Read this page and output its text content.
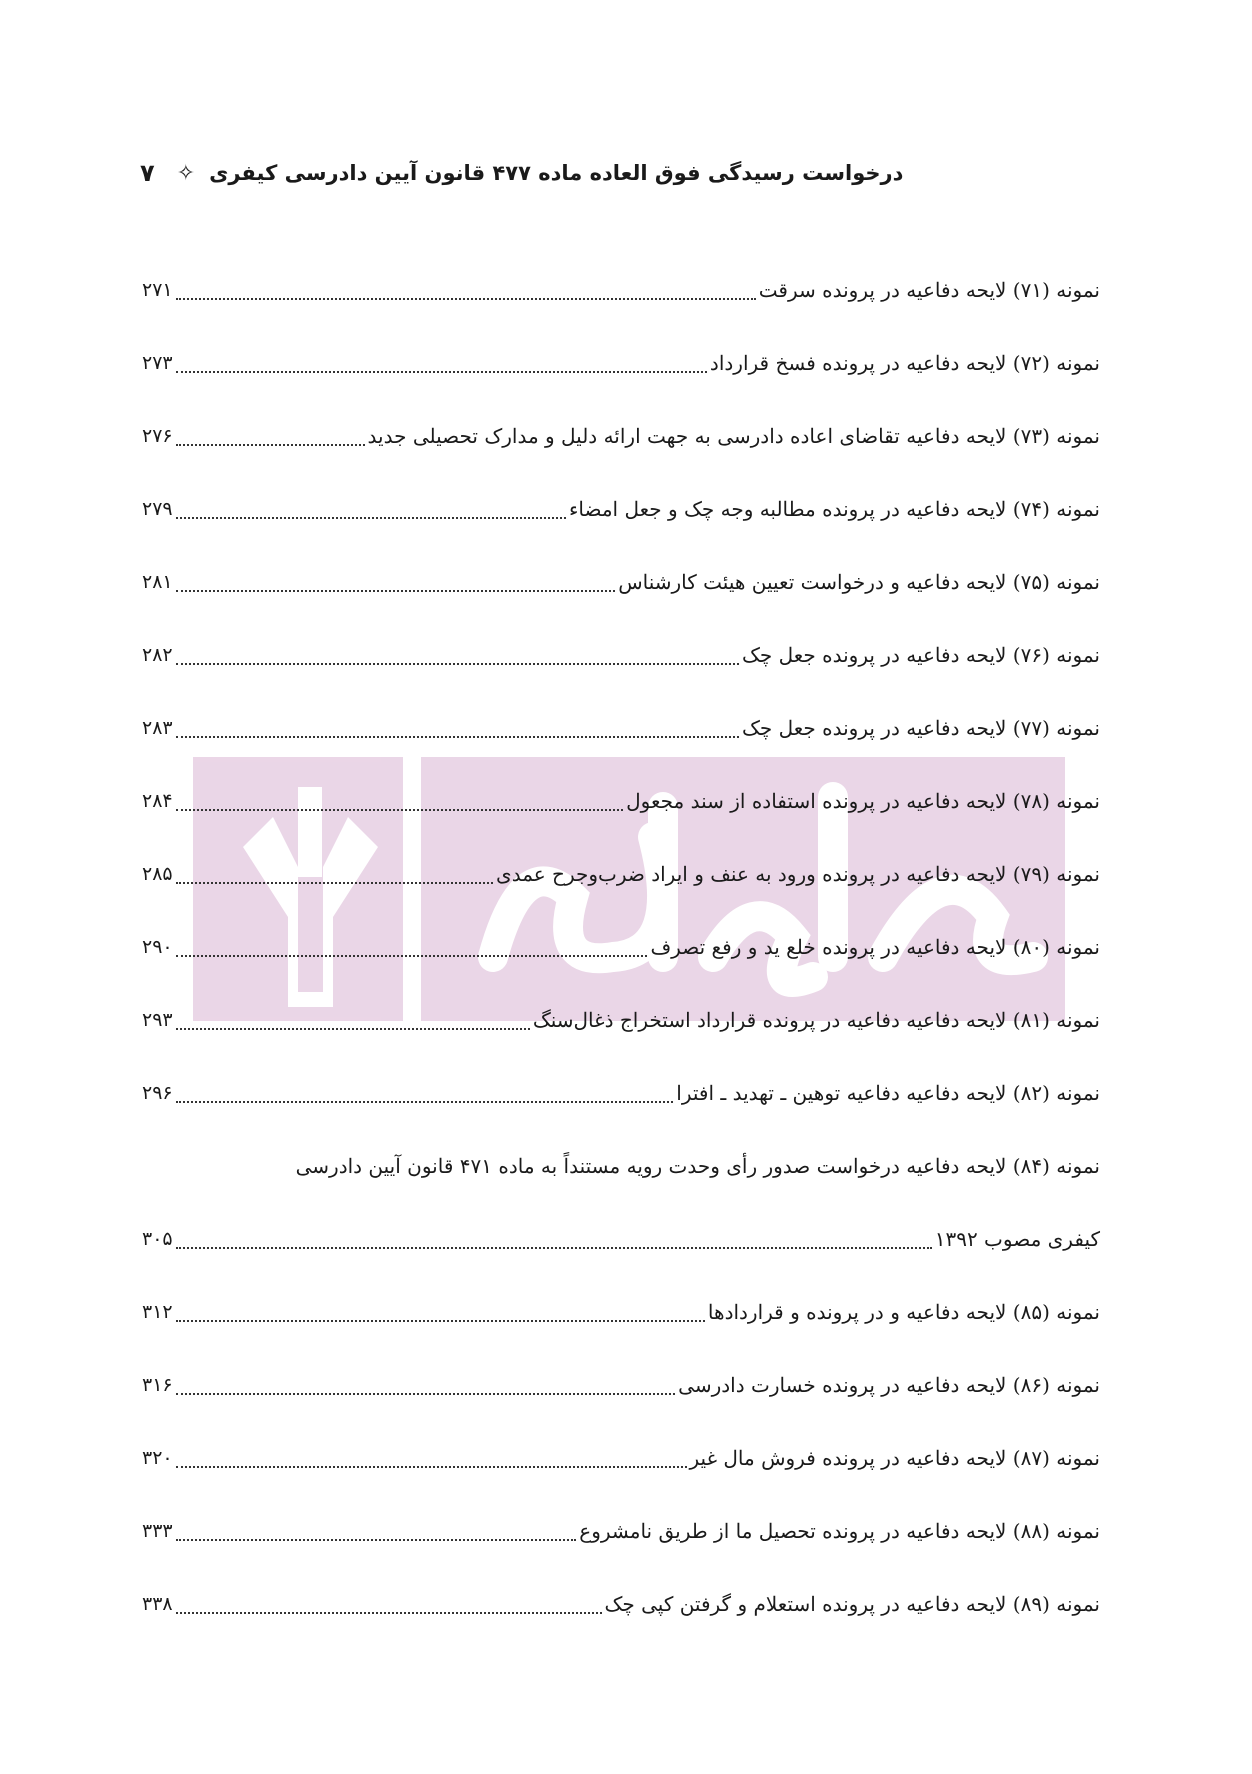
۷ ✧ درخواست رسیدگی فوق العاده ماده ۴۷۷ قانون آیین دادرسی کیفری
نمونه (۷۱) لایحه دفاعیه در پرونده سرقت
۲۷۱
نمونه (۷۲) لایحه دفاعیه در پرونده فسخ قرارداد
۲۷۳
نمونه (۷۳) لایحه دفاعیه تقاضای اعاده دادرسی به جهت ارائه دلیل و مدارک تحصیلی جدید
۲۷۶
نمونه (۷۴) لایحه دفاعیه در پرونده مطالبه وجه چک و جعل امضاء
۲۷۹
نمونه (۷۵) لایحه دفاعیه و درخواست تعیین هیئت کارشناس
۲۸۱
نمونه (۷۶) لایحه دفاعیه در پرونده جعل چک
۲۸۲
نمونه (۷۷) لایحه دفاعیه در پرونده جعل چک
۲۸۳
نمونه (۷۸) لایحه دفاعیه در پرونده استفاده از سند مجعول
۲۸۴
نمونه (۷۹) لایحه دفاعیه در پرونده ورود به عنف و ایراد ضرب‌وجرح عمدی
۲۸۵
نمونه (۸۰) لایحه دفاعیه در پرونده خلع ید و رفع تصرف
۲۹۰
نمونه (۸۱) لایحه دفاعیه دفاعیه در پرونده قرارداد استخراج ذغال‌سنگ
۲۹۳
نمونه (۸۲) لایحه دفاعیه دفاعیه توهین ـ تهدید ـ افترا
۲۹۶
نمونه (۸۴) لایحه دفاعیه درخواست صدور رأی وحدت رویه مستنداً به ماده ۴۷۱ قانون آیین دادرسی
کیفری مصوب ۱۳۹۲
۳۰۵
نمونه (۸۵) لایحه دفاعیه و در پرونده و قراردادها
۳۱۲
نمونه (۸۶) لایحه دفاعیه در پرونده خسارت دادرسی
۳۱۶
نمونه (۸۷) لایحه دفاعیه در پرونده فروش مال غیر
۳۲۰
نمونه (۸۸) لایحه دفاعیه در پرونده تحصیل ما از طریق نامشروع
۳۳۳
نمونه (۸۹) لایحه دفاعیه در پرونده استعلام و گرفتن کپی چک
۳۳۸
